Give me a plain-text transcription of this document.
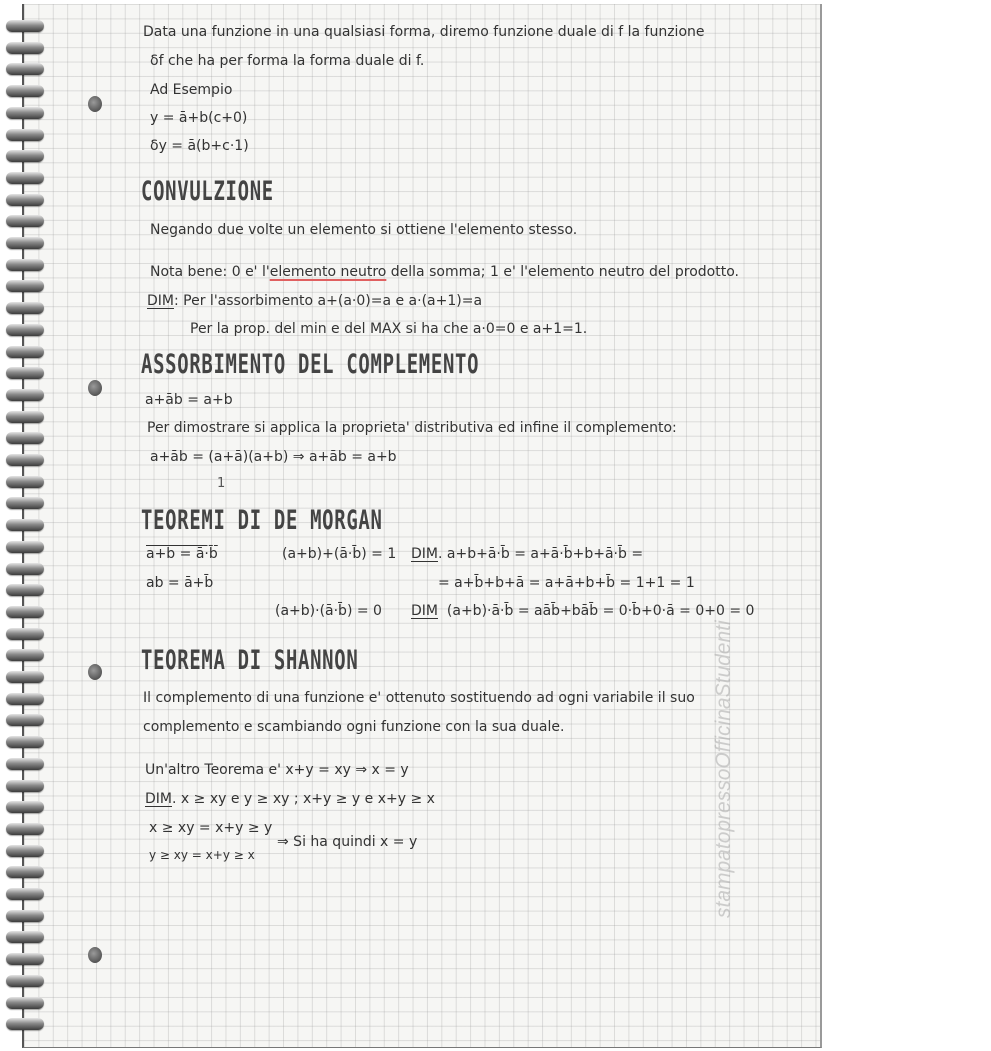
Data una funzione in una qualsiasi forma, diremo funzione duale di f la funzione

δf che ha per forma la forma duale di f.

Ad Esempio

y = ā+b(c+0)

δy = ā(b+c·1)

CONVULZIONE

Negando due volte un elemento si ottiene l'elemento stesso.

Nota bene: 0 e' l'elemento neutro della somma; 1 e' l'elemento neutro del prodotto.

DIM: Per l'assorbimento a+(a·0)=a e a·(a+1)=a

Per la prop. del min e del MAX si ha che a·0=0 e a+1=1.

ASSORBIMENTO DEL COMPLEMENTO

a+āb = a+b

Per dimostrare si applica la proprieta' distributiva ed infine il complemento:

a+āb = (a+ā)(a+b) ⇒ a+āb = a+b

1
TEOREMI DI DE MORGAN

a+b = ā·b̄

ab = ā+b̄

(a+b)+(ā·b̄) = 1

(a+b)·(ā·b̄) = 0

DIM. a+b+ā·b̄ = a+ā·b̄+b+ā·b̄ =

= a+b̄+b+ā = a+ā+b+b̄ = 1+1 = 1

DIM (a+b)·ā·b̄ = aāb̄+bāb̄ = 0·b̄+0·ā = 0+0 = 0

TEOREMA DI SHANNON

Il complemento di una funzione e' ottenuto sostituendo ad ogni variabile il suo

complemento e scambiando ogni funzione con la sua duale.

Un'altro Teorema e' x+y = xy ⇒ x = y

DIM. x ≥ xy e y ≥ xy ; x+y ≥ y e x+y ≥ x

x ≥ xy = x+y ≥ y

y ≥ xy = x+y ≥ x

⇒ Si ha quindi x = y	stampatopressoOfficinaStudenti
